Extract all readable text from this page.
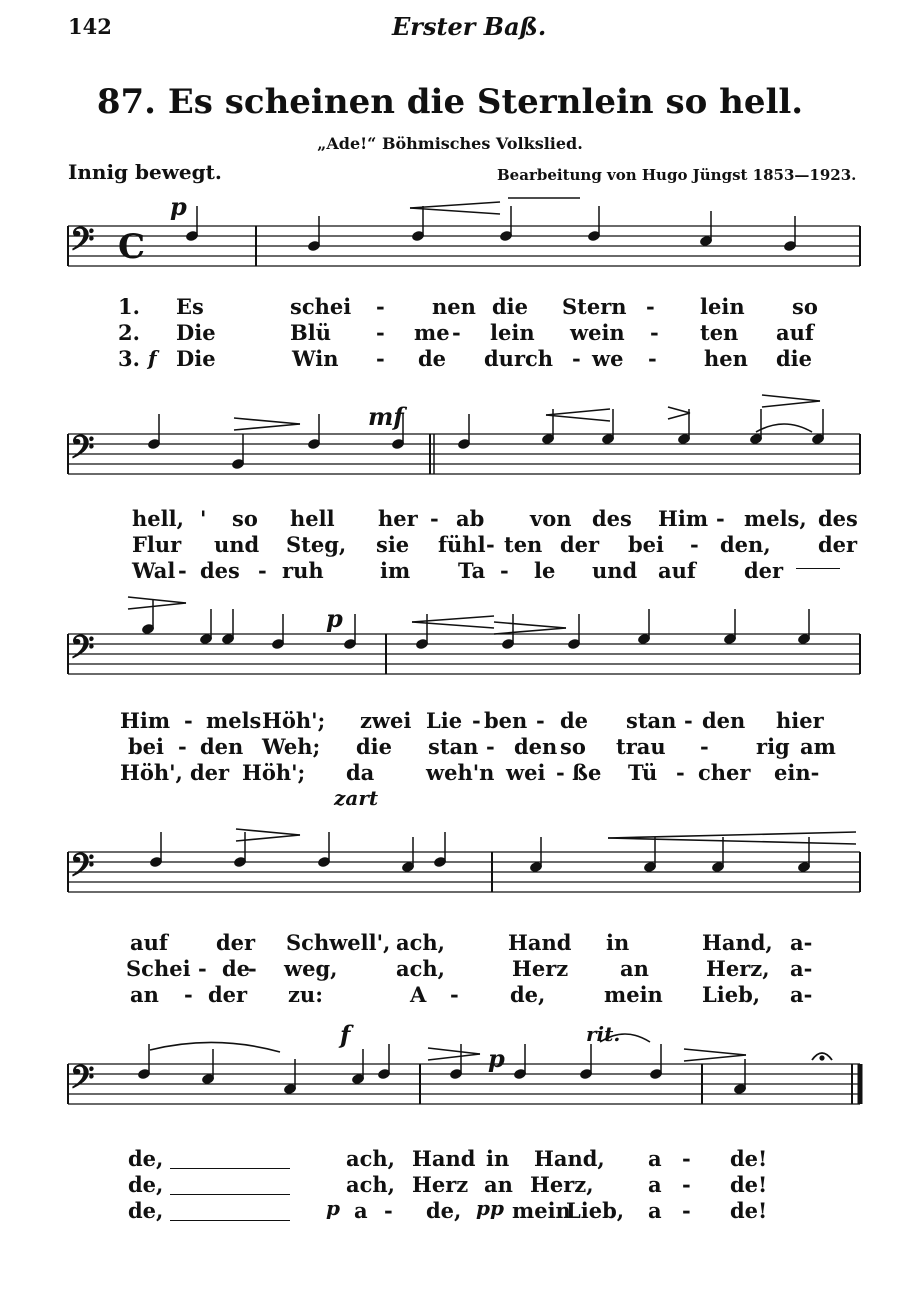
142	Erster Baß.
87. Es scheinen die Sternlein so hell.
„Ade!“ Böhmisches Volkslied.
Innig bewegt.	Bearbeitung von Hugo Jüngst 1853—1923.
𝄢
𝄢
𝄢
𝄢
𝄢
C
p
mf
p
zart
f
p
rit.
1.
2.
3. f
Es	schei - nen die Stern - lein so
Die	Blü - me - lein wein - ten auf
Die	Win - de durch - we - hen die
hell, ' so hell her - ab von des Him - mels, des
Flur und Steg, sie fühl - ten der bei - den, der
Wal - des - ruh	im Ta - le und auf der
Him - mels Höh'; zwei Lie - ben - de stan - den hier
bei - den Weh; die stan - den so trau - rig am
Höh', der Höh'; da weh'n wei - ße Tü - cher ein-
auf der Schwell', ach,	Hand in	Hand, a-
Schei - de
- weg,	ach,	Herz an	Herz, a-
an - der zu:	A - de,	mein Lieb, a-
de,	ach, Hand in Hand, a - de!
de,	ach, Herz an Herz,	a - de!
de,	a - de, mein
Lieb, a - de!
p	pp
